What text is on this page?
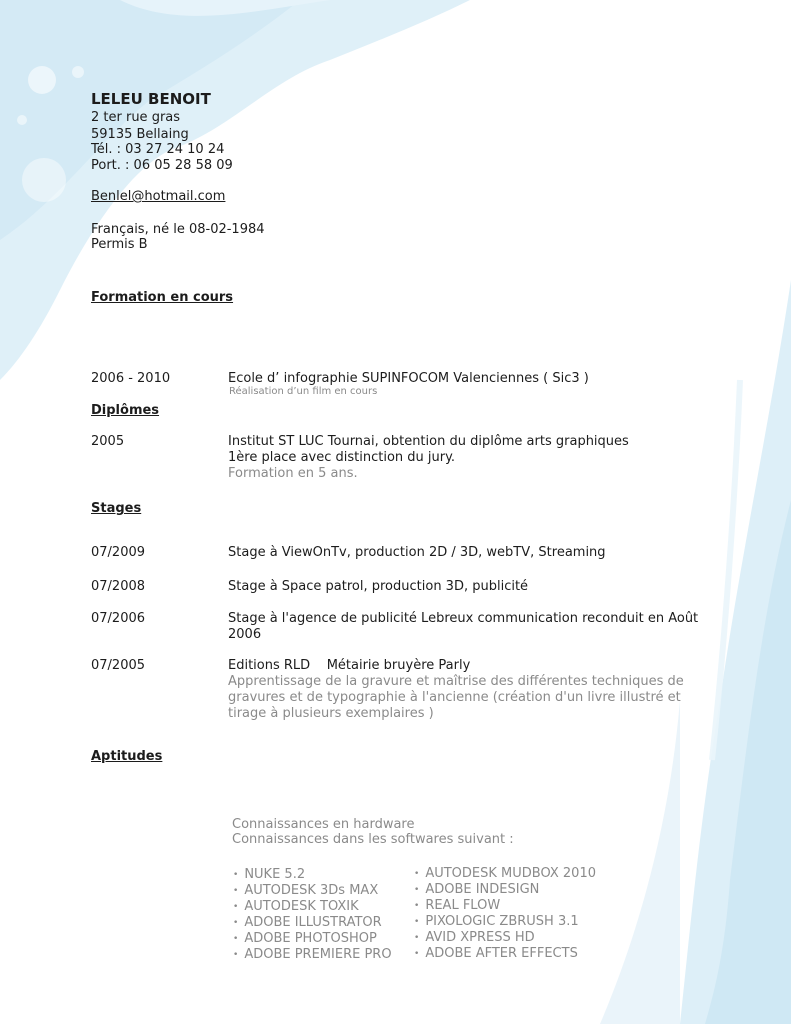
LELEU BENOIT
2 ter rue gras
59135 Bellaing
Tél. : 03 27 24 10 24
Port. : 06 05 28 58 09
Benlel@hotmail.com
Français, né le 08-02-1984
Permis B
Formation en cours
2006 - 2010	Ecole d’ infographie SUPINFOCOM Valenciennes ( Sic3 )
Réalisation d’un film en cours
Diplômes
2005	Institut ST LUC Tournai, obtention du diplôme arts graphiques
1ère place avec distinction du jury.
Formation en 5 ans.
Stages
07/2009	Stage à ViewOnTv, production 2D / 3D, webTV, Streaming
07/2008	Stage à Space patrol, production 3D, publicité
07/2006	Stage à l'agence de publicité Lebreux communication reconduit en Août 2006
07/2005	Editions RLD    Métairie bruyère Parly
Apprentissage de la gravure et maîtrise des différentes techniques de gravures et de typographie à l'ancienne (création d'un livre illustré et tirage à plusieurs exemplaires )
Aptitudes
Connaissances en hardware
Connaissances dans les softwares suivant :
• NUKE 5.2
• AUTODESK 3Ds MAX
• AUTODESK TOXIK
• ADOBE ILLUSTRATOR
• ADOBE PHOTOSHOP
• ADOBE PREMIERE PRO
• AUTODESK MUDBOX 2010
• ADOBE INDESIGN
• REAL FLOW
• PIXOLOGIC ZBRUSH 3.1
• AVID XPRESS HD
• ADOBE AFTER EFFECTS
